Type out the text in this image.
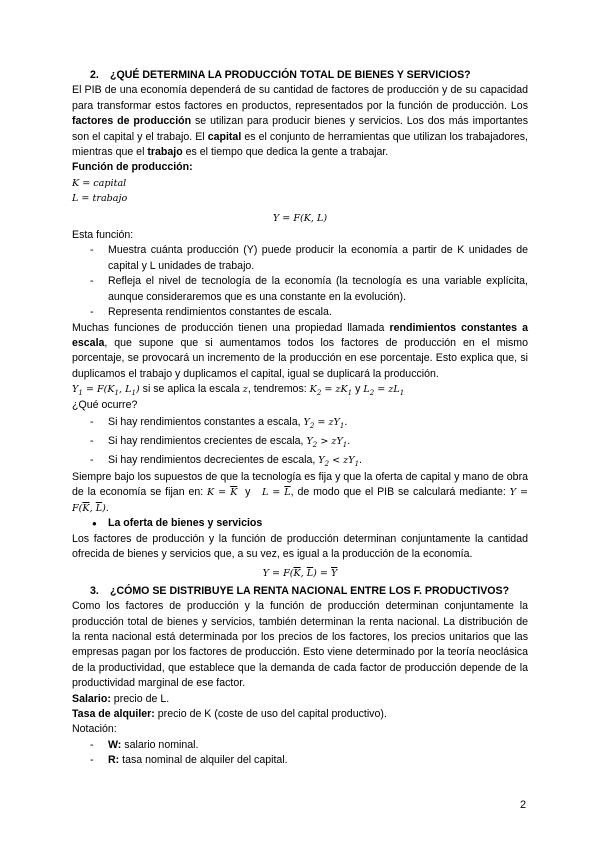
2. ¿QUÉ DETERMINA LA PRODUCCIÓN TOTAL DE BIENES Y SERVICIOS?

El PIB de una economía dependerá de su cantidad de factores de producción y de su capacidad para transformar estos factores en productos, representados por la función de producción. Los factores de producción se utilizan para producir bienes y servicios. Los dos más importantes son el capital y el trabajo. El capital es el conjunto de herramientas que utilizan los trabajadores, mientras que el trabajo es el tiempo que dedica la gente a trabajar.

Función de producción:

K = capital

L = trabajo

Y = F(K, L)

Esta función:

- Muestra cuánta producción (Y) puede producir la economía a partir de K unidades de capital y L unidades de trabajo.
- Refleja el nivel de tecnología de la economía (la tecnología es una variable explícita, aunque consideraremos que es una constante en la evolución).
- Representa rendimientos constantes de escala.

Muchas funciones de producción tienen una propiedad llamada rendimientos constantes a escala, que supone que si aumentamos todos los factores de producción en el mismo porcentaje, se provocará un incremento de la producción en ese porcentaje. Esto explica que, si duplicamos el trabajo y duplicamos el capital, igual se duplicará la producción.

$Y_1 = F(K_1$, $L_1$) si se aplica la escala z, tendremos: $K_2 = zK_1$ y $L_2 = zL_1$

¿Qué ocurre?

- Si hay rendimientos constantes a escala, $Y_2 = zY_1$.
- Si hay rendimientos crecientes de escala, $Y_2 > zY_1$.
- Si hay rendimientos decrecientes de escala, $Y_2 < zY_1$.

Siempre bajo los supuestos de que la tecnología es fija y que la oferta de capital y mano de obra de la economía se fijan en: $K = \overline{K}$  y   $L = \overline{L}$, de modo que el PIB se calculará mediante: $Y = F(\overline{K}$, $\overline{L}$).

● La oferta de bienes y servicios

Los factores de producción y la función de producción determinan conjuntamente la cantidad ofrecida de bienes y servicios que, a su vez, es igual a la producción de la economía.

$Y = F(\overline{K}$, $\overline{L}) = \overline{Y}$

3. ¿CÓMO SE DISTRIBUYE LA RENTA NACIONAL ENTRE LOS F. PRODUCTIVOS?

Como los factores de producción y la función de producción determinan conjuntamente la producción total de bienes y servicios, también determinan la renta nacional. La distribución de la renta nacional está determinada por los precios de los factores, los precios unitarios que las empresas pagan por los factores de producción. Esto viene determinado por la teoría neoclásica de la productividad, que establece que la demanda de cada factor de producción depende de la productividad marginal de ese factor.

Salario: precio de L.

Tasa de alquiler: precio de K (coste de uso del capital productivo).

Notación:

- W: salario nominal.
- R: tasa nominal de alquiler del capital.
2
